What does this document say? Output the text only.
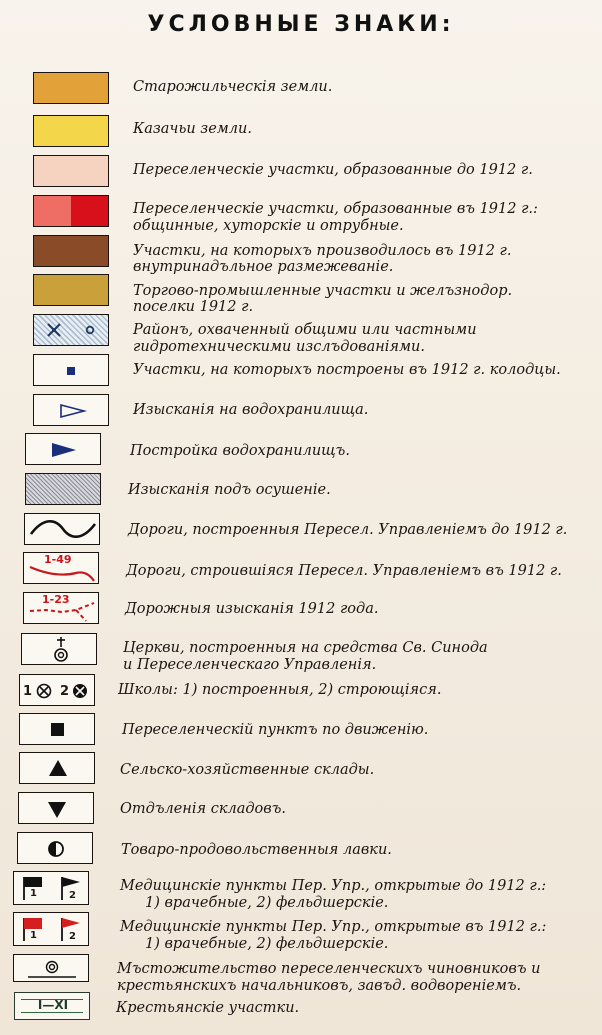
УСЛОВНЫЕ ЗНАКИ:
Старожильческія земли.
Казачьи земли.
Переселенческіе участки, образованные до 1912 г.
Переселенческіе участки, образованные въ 1912 г.:
общинные, хуторскіе и отрубные.
Участки, на которыхъ производилось въ 1912 г.
внутринадъльное размежеваніе.
Торгово-промышленные участки и желъзнодор.
поселки 1912 г.
Районъ, охваченный общими или частными
гидротехническими изслъдованіями.
Участки, на которыхъ построены въ 1912 г. колодцы.
Изысканія на водохранилища.
Постройка водохранилищъ.
Изысканія подъ осушеніе.
Дороги, построенныя Пересел. Управленіемъ до 1912 г.
1-49
Дороги, строившіяся Пересел. Управленіемъ въ 1912 г.
1-23
Дорожныя изысканія 1912 года.
Церкви, построенныя на средства Св. Синода
и Переселенческаго Управленія.
1 2	Школы: 1) построенныя, 2) строющіяся.
Переселенческій пунктъ по движенію.
Сельско-хозяйственные склады.
Отдъленія складовъ.
Товаро-продовольственныя лавки.
1	2
Медицинскіе пункты Пер. Упр., открытые до 1912 г.:
1) врачебные, 2) фельдшерскіе.
1	2
Медицинскіе пункты Пер. Упр., открытые въ 1912 г.:
1) врачебные, 2) фельдшерскіе.
Мъстожительство переселенческихъ чиновниковъ и
крестьянскихъ начальниковъ, завъд. водвореніемъ.
I—XI	Крестьянскіе участки.
